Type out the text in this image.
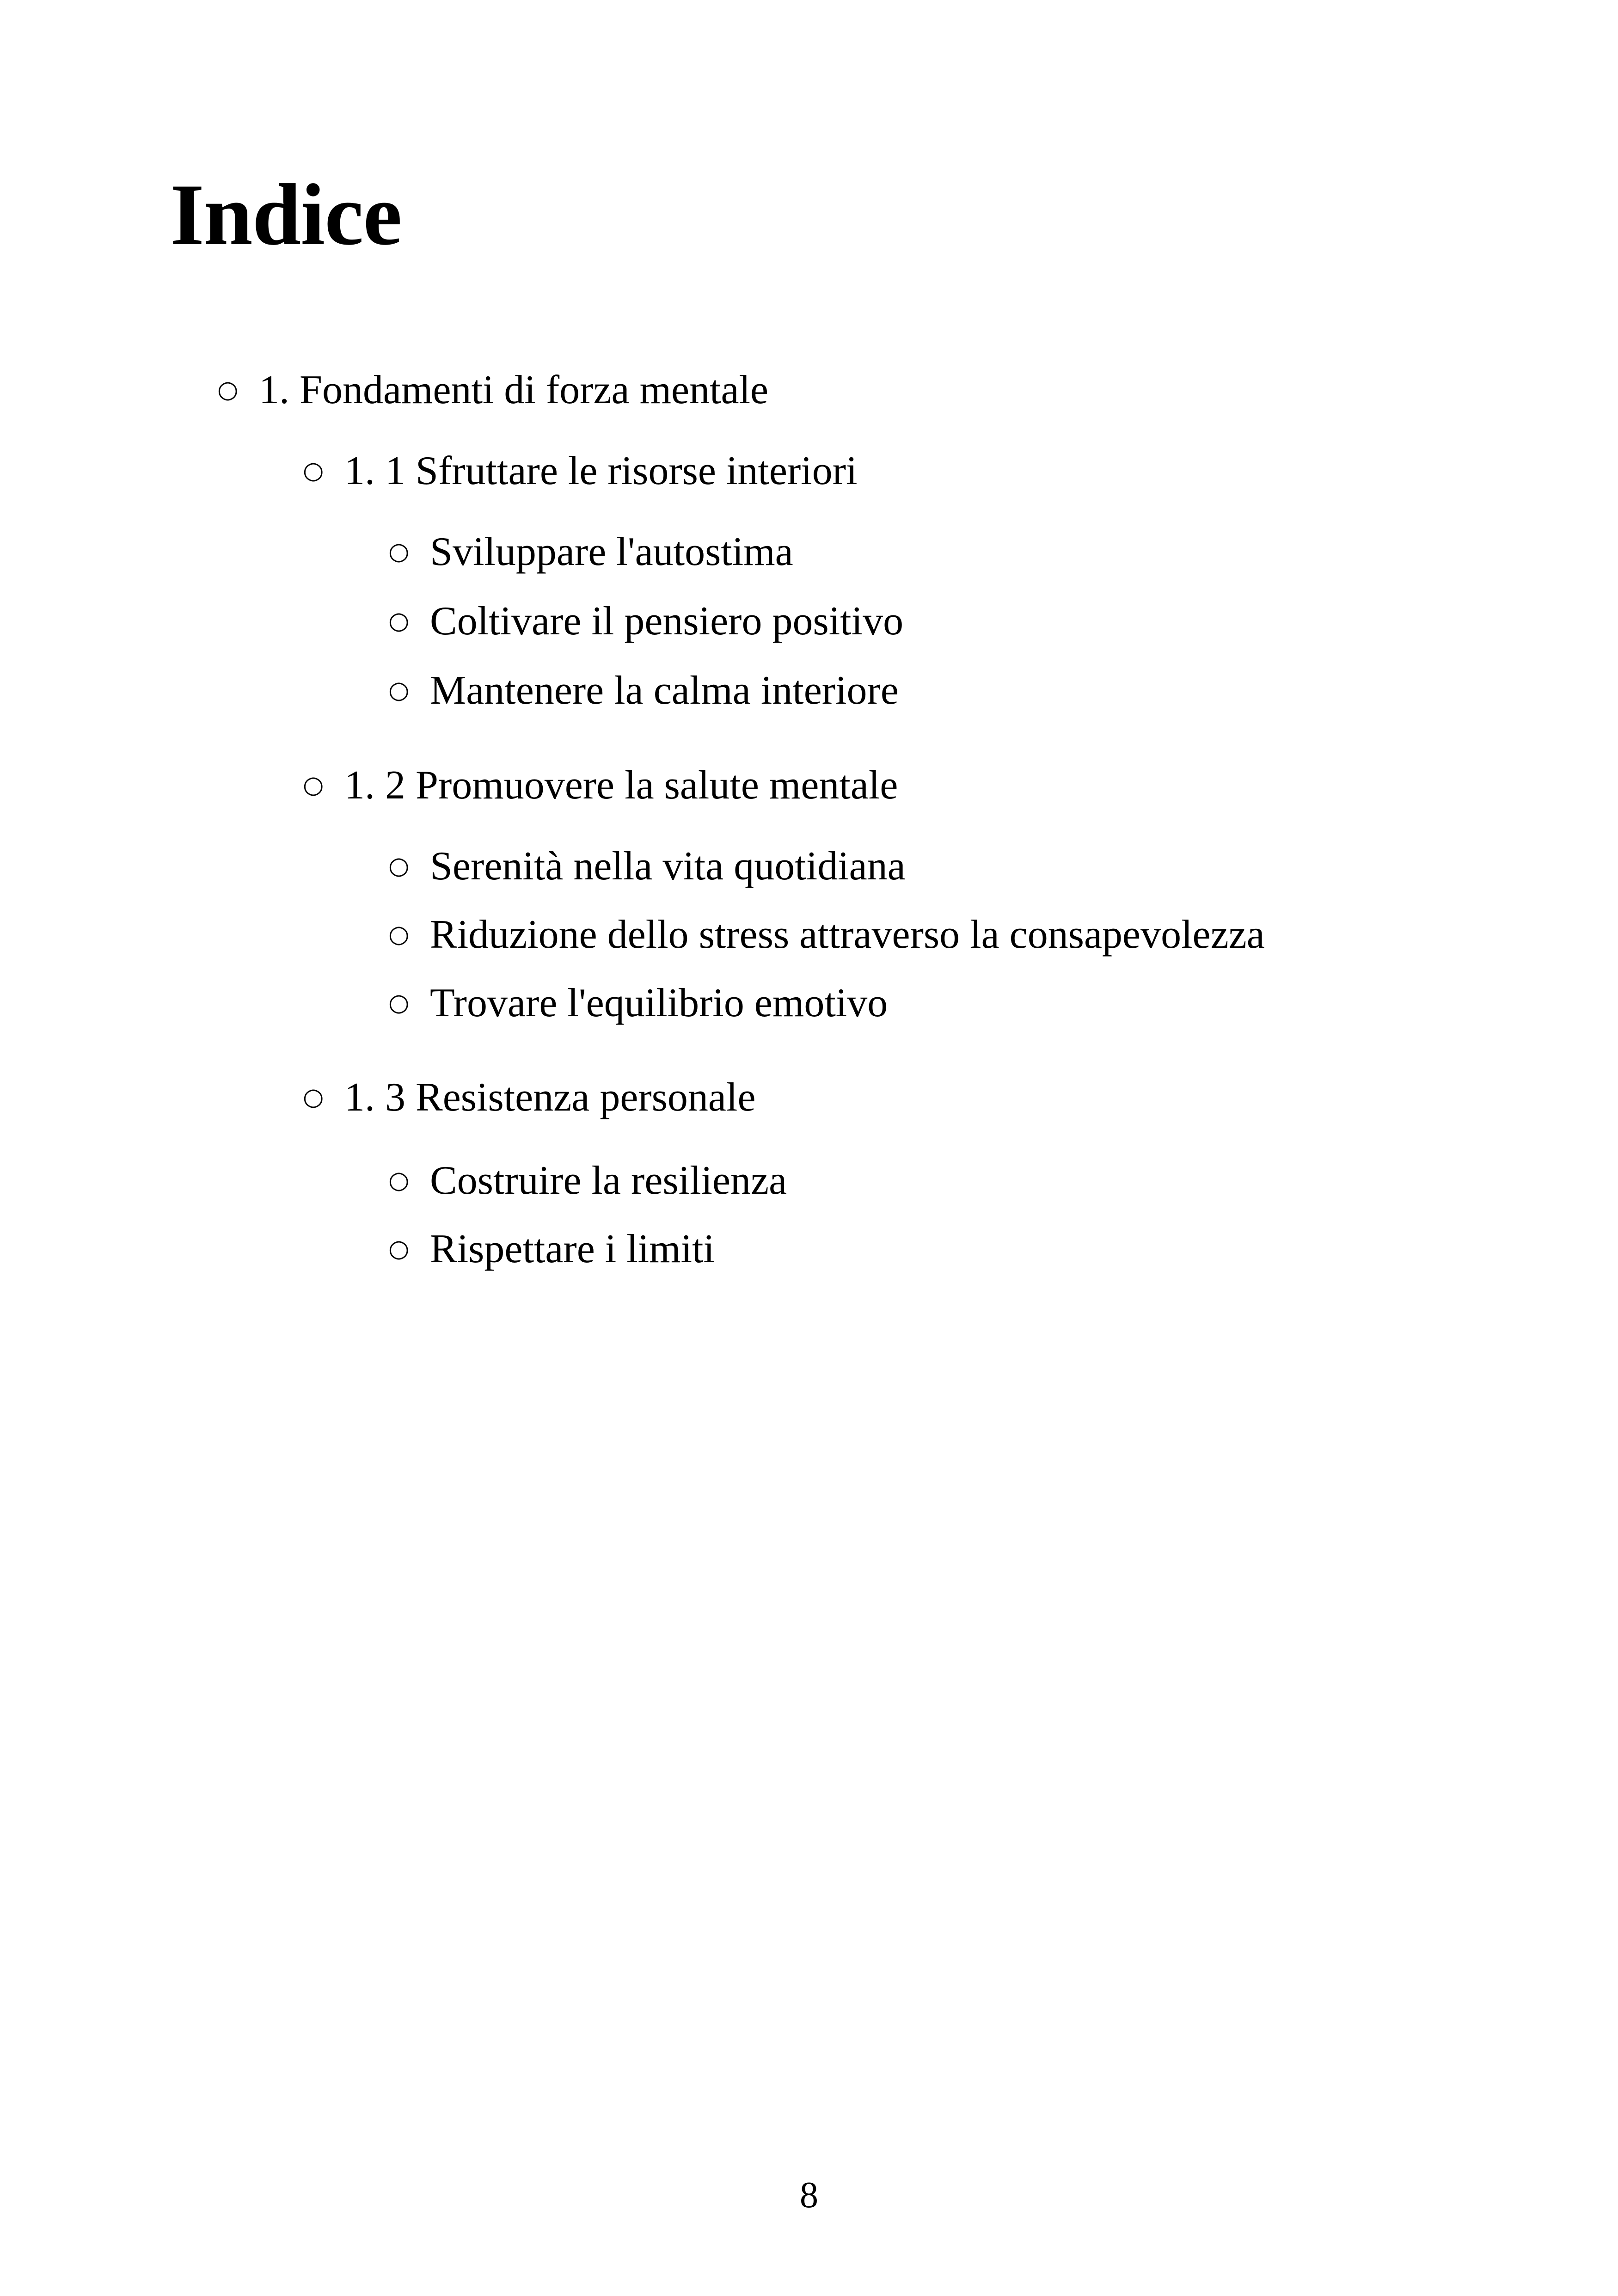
Indice
○ 1. Fondamenti di forza mentale
○ 1. 1 Sfruttare le risorse interiori
○ Sviluppare l'autostima
○ Coltivare il pensiero positivo
○ Mantenere la calma interiore
○ 1. 2 Promuovere la salute mentale
○ Serenità nella vita quotidiana
○ Riduzione dello stress attraverso la consapevolezza
○ Trovare l'equilibrio emotivo
○ 1. 3 Resistenza personale
○ Costruire la resilienza
○ Rispettare i limiti
8
